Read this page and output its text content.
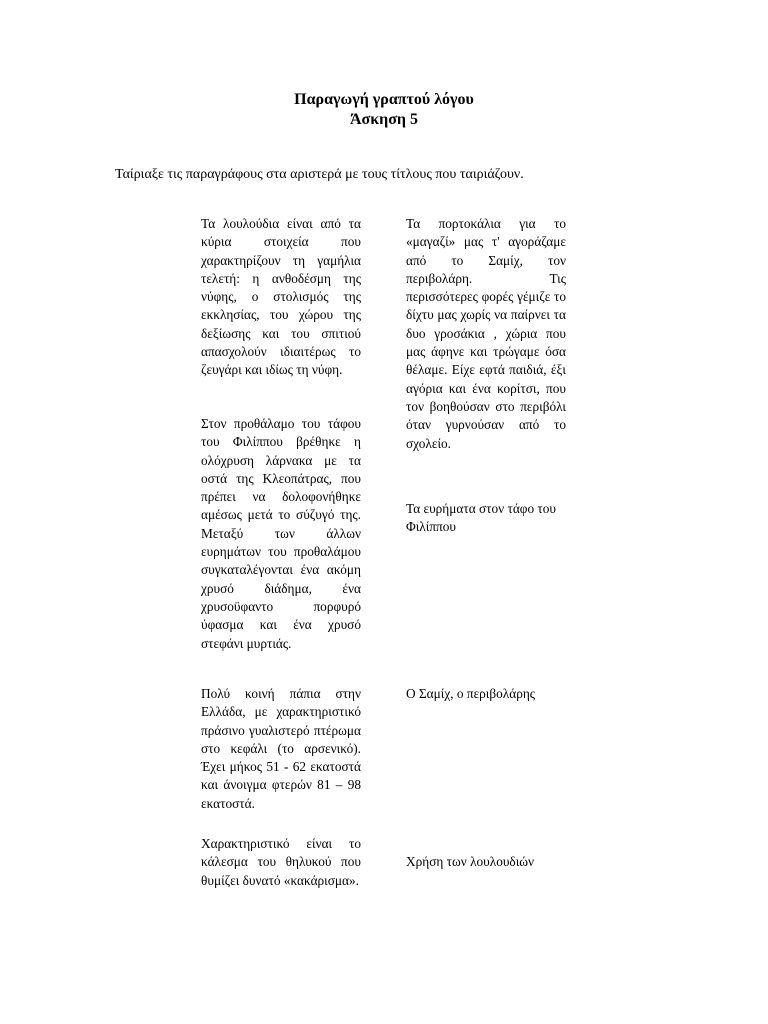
Παραγωγή γραπτού λόγου
Άσκηση 5
Ταίριαξε τις παραγράφους στα αριστερά με τους τίτλους που ταιριάζουν.
Τα λουλούδια είναι από τα κύρια στοιχεία που χαρακτηρίζουν τη γαμήλια τελετή: η ανθοδέσμη της νύφης, ο στολισμός της εκκλησίας, του χώρου της δεξίωσης και του σπιτιού απασχολούν ιδιαιτέρως το ζευγάρι και ιδίως τη νύφη.
Στον προθάλαμο του τάφου του Φιλίππου βρέθηκε η ολόχρυση λάρνακα με τα οστά της Κλεοπάτρας, που πρέπει να δολοφονήθηκε αμέσως μετά το σύζυγό της. Μεταξύ των άλλων ευρημάτων του προθαλάμου συγκαταλέγονται ένα ακόμη χρυσό διάδημα, ένα χρυσοϋφαντο πορφυρό ύφασμα και ένα χρυσό στεφάνι μυρτιάς.
Πολύ κοινή πάπια στην Ελλάδα, με χαρακτηριστικό πράσινο γυαλιστερό πτέρωμα στο κεφάλι (το αρσενικό). Έχει μήκος 51 - 62 εκατοστά και άνοιγμα φτερών 81 – 98 εκατοστά.
Χαρακτηριστικό είναι το κάλεσμα του θηλυκού που θυμίζει δυνατό «κακάρισμα».
Τα πορτοκάλια για το «μαγαζί» μας τ' αγοράζαμε από το Σαμίχ, τον περιβολάρη. Τις περισσότερες φορές γέμιζε το δίχτυ μας χωρίς να παίρνει τα δυο γροσάκια , χώρια που μας άφηνε και τρώγαμε όσα θέλαμε. Είχε εφτά παιδιά, έξι αγόρια και ένα κορίτσι, που τον βοηθούσαν στο περιβόλι όταν γυρνούσαν από το σχολείο.
Τα ευρήματα στον τάφο του Φιλίππου
Ο Σαμίχ, ο περιβολάρης
Χρήση των λουλουδιών
